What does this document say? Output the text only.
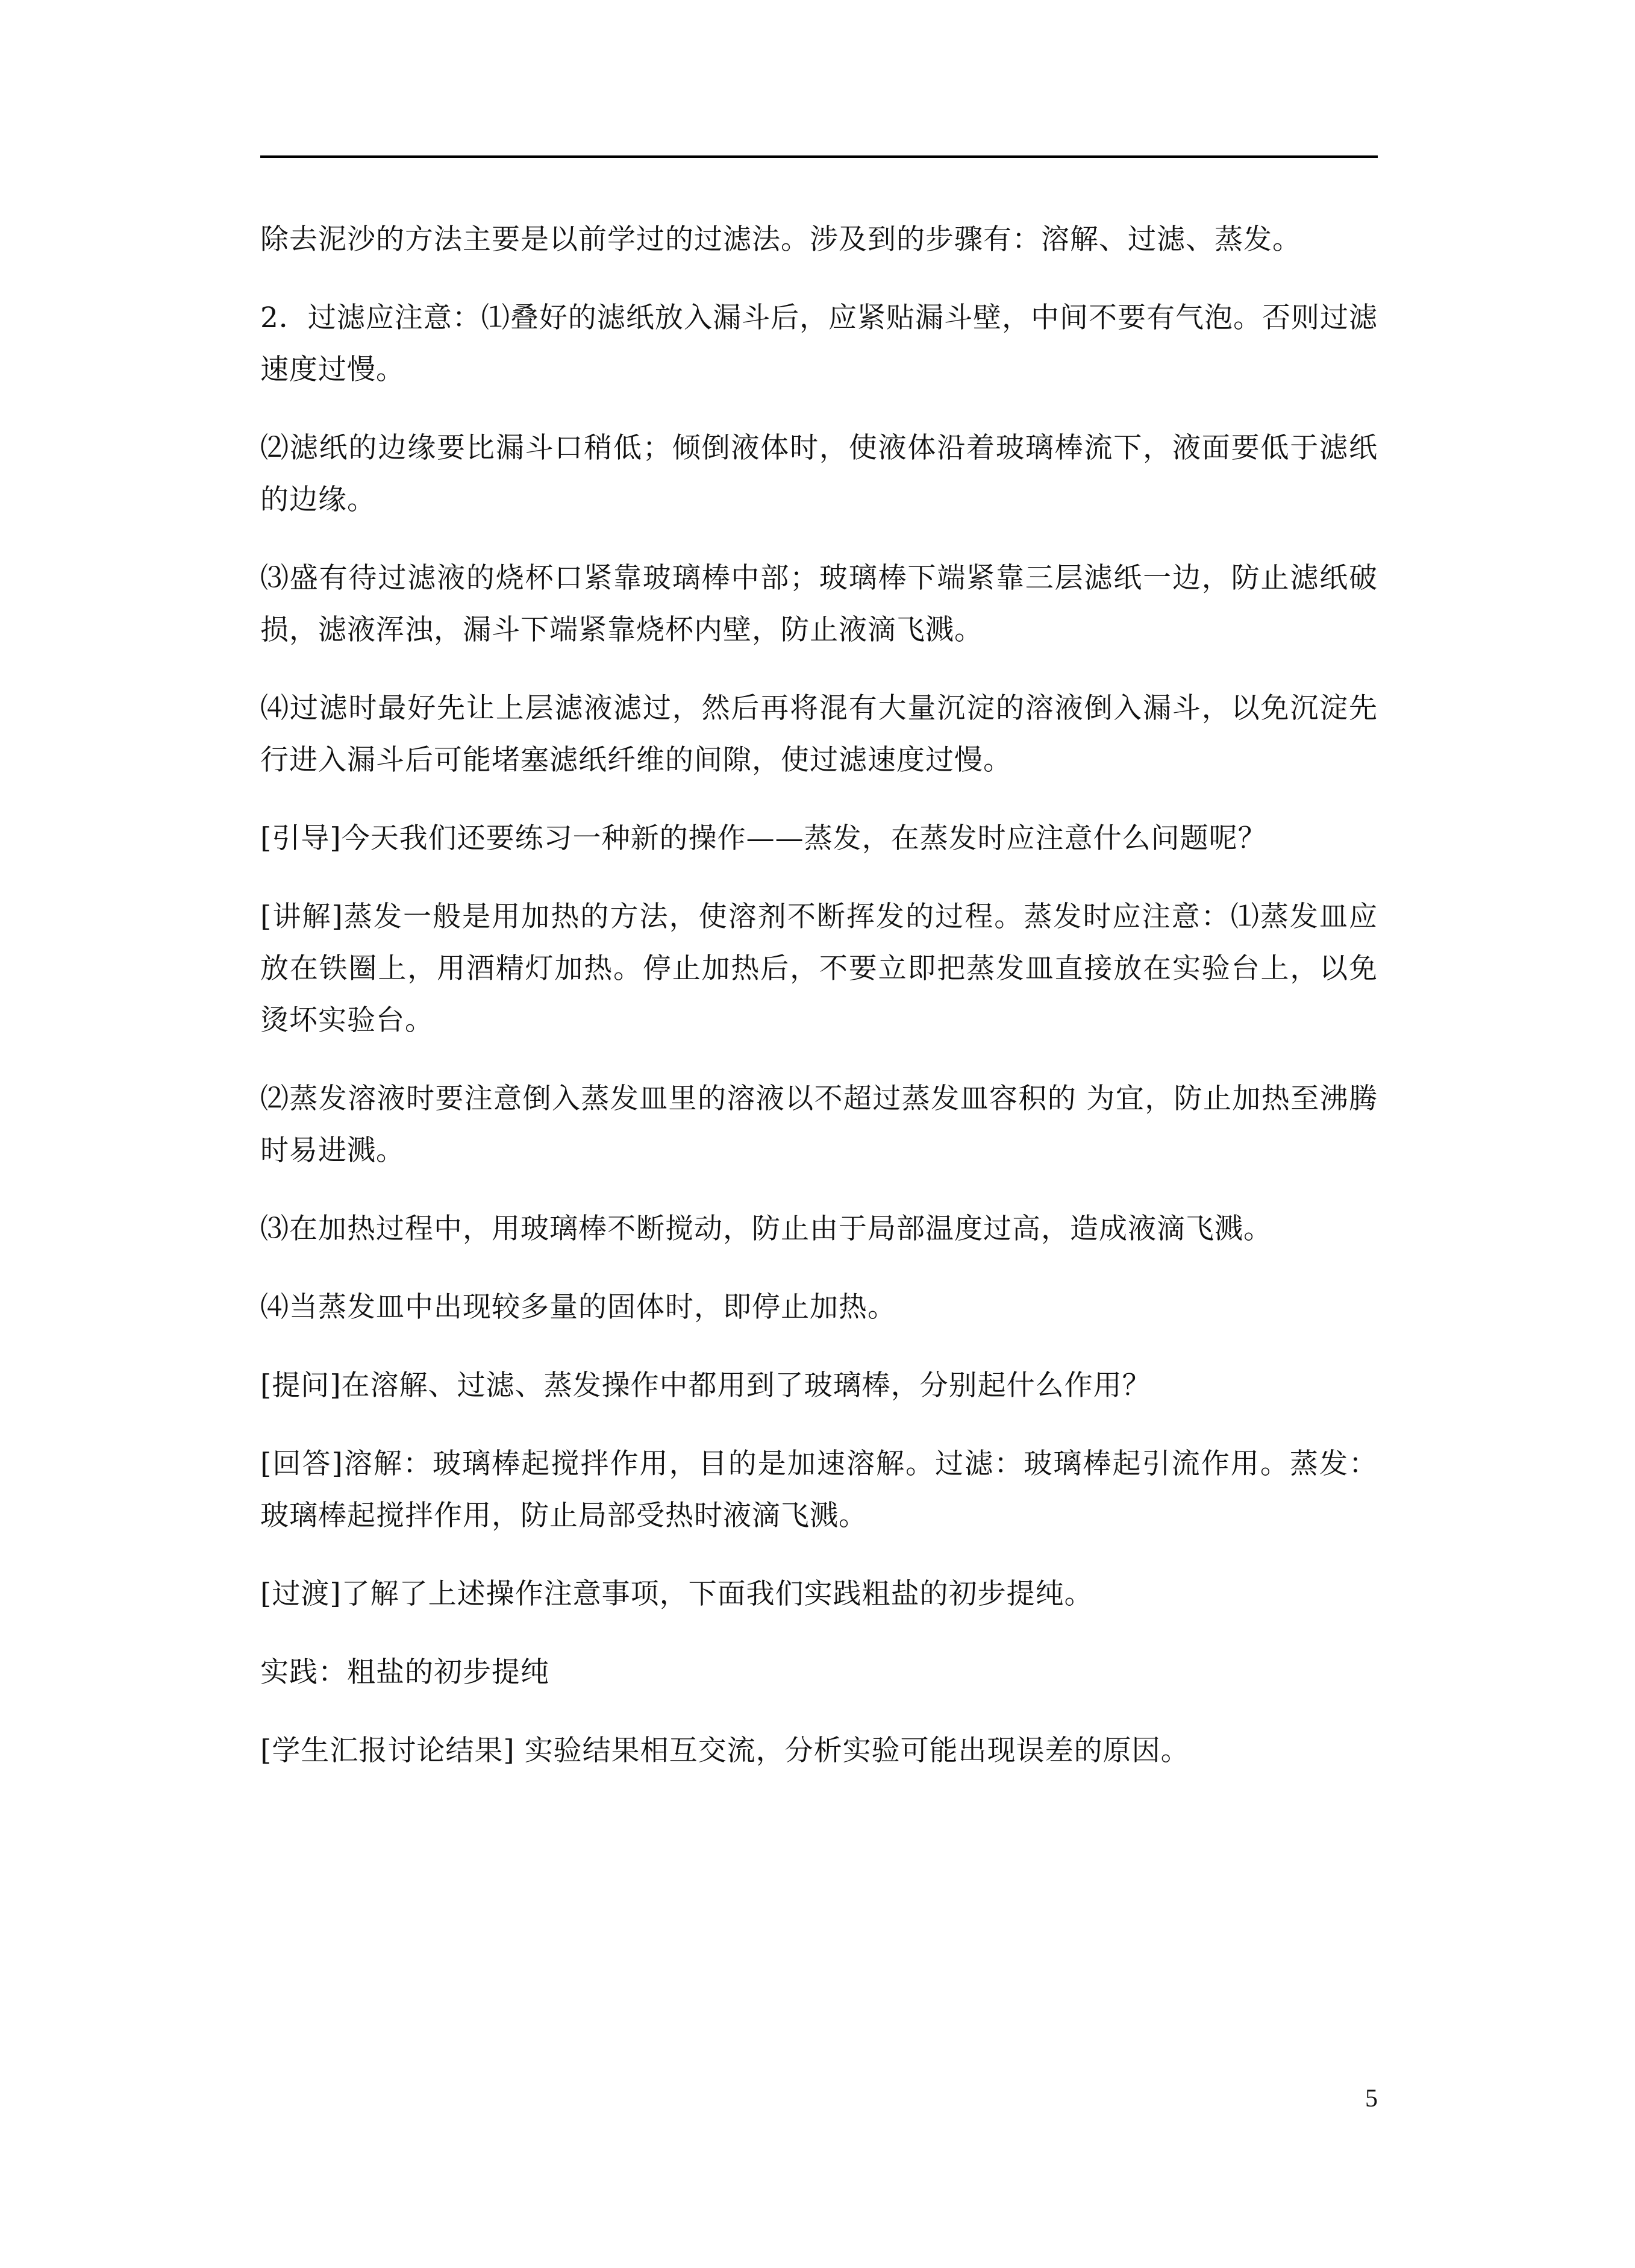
除去泥沙的方法主要是以前学过的过滤法。涉及到的步骤有：溶解、过滤、蒸发。

2．过滤应注意：⑴叠好的滤纸放入漏斗后，应紧贴漏斗壁，中间不要有气泡。否则过滤速度过慢。

⑵滤纸的边缘要比漏斗口稍低；倾倒液体时，使液体沿着玻璃棒流下，液面要低于滤纸的边缘。

⑶盛有待过滤液的烧杯口紧靠玻璃棒中部；玻璃棒下端紧靠三层滤纸一边，防止滤纸破损，滤液浑浊，漏斗下端紧靠烧杯内壁，防止液滴飞溅。

⑷过滤时最好先让上层滤液滤过，然后再将混有大量沉淀的溶液倒入漏斗，以免沉淀先行进入漏斗后可能堵塞滤纸纤维的间隙，使过滤速度过慢。

[引导]今天我们还要练习一种新的操作——蒸发，在蒸发时应注意什么问题呢？

[讲解]蒸发一般是用加热的方法，使溶剂不断挥发的过程。蒸发时应注意：⑴蒸发皿应放在铁圈上，用酒精灯加热。停止加热后，不要立即把蒸发皿直接放在实验台上，以免烫坏实验台。

⑵蒸发溶液时要注意倒入蒸发皿里的溶液以不超过蒸发皿容积的 为宜，防止加热至沸腾时易进溅。

⑶在加热过程中，用玻璃棒不断搅动，防止由于局部温度过高，造成液滴飞溅。

⑷当蒸发皿中出现较多量的固体时，即停止加热。

[提问]在溶解、过滤、蒸发操作中都用到了玻璃棒，分别起什么作用？

[回答]溶解：玻璃棒起搅拌作用，目的是加速溶解。过滤：玻璃棒起引流作用。蒸发：玻璃棒起搅拌作用，防止局部受热时液滴飞溅。

[过渡]了解了上述操作注意事项，下面我们实践粗盐的初步提纯。

实践：粗盐的初步提纯

[学生汇报讨论结果] 实验结果相互交流，分析实验可能出现误差的原因。

5
